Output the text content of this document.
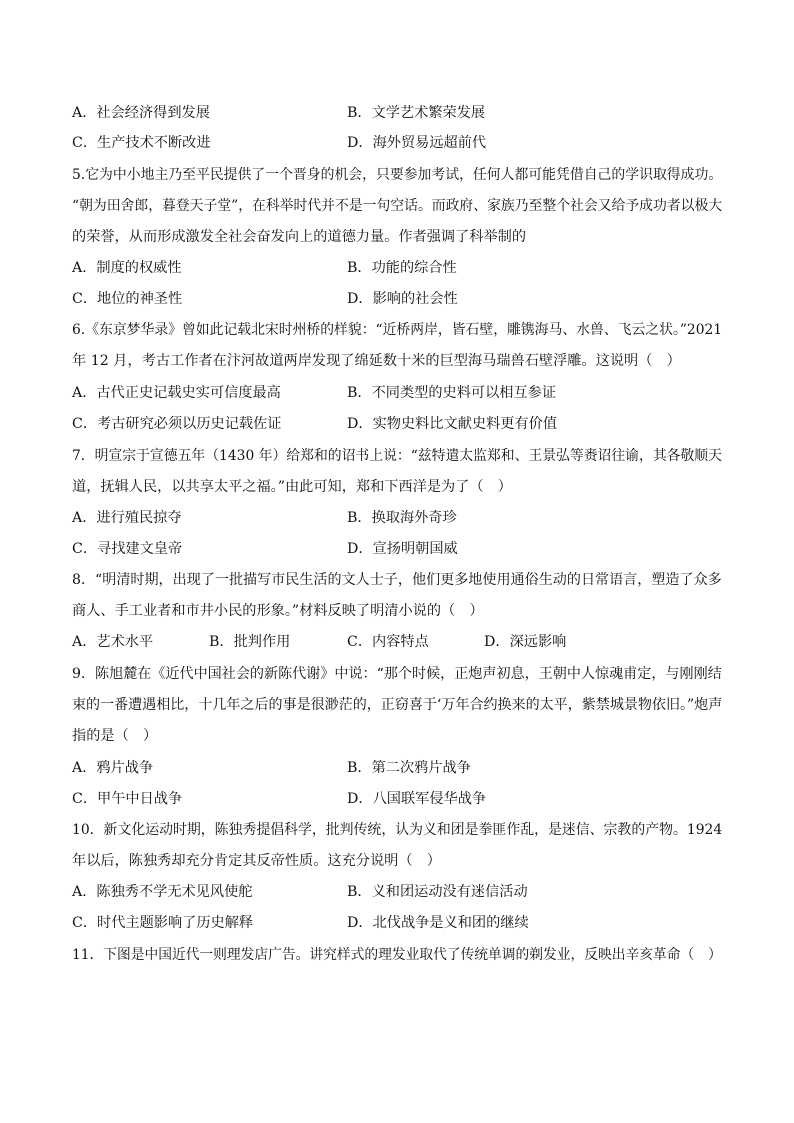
A．社会经济得到发展	B．文学艺术繁荣发展
C．生产技术不断改进	D．海外贸易远超前代
5.它为中小地主乃至平民提供了一个晋身的机会，只要参加考试，任何人都可能凭借自己的学识取得成功。
“朝为田舍郎，暮登天子堂”，在科举时代并不是一句空话。而政府、家族乃至整个社会又给予成功者以极大
的荣誉，从而形成激发全社会奋发向上的道德力量。作者强调了科举制的
A．制度的权威性	B．功能的综合性
C．地位的神圣性	D．影响的社会性
6.《东京梦华录》曾如此记载北宋时州桥的样貌：“近桥两岸，皆石壁，雕镌海马、水兽、飞云之状。”2021
年 12 月，考古工作者在汴河故道两岸发现了绵延数十米的巨型海马瑞兽石壁浮雕。这说明（　）
A．古代正史记载史实可信度最高	B．不同类型的史料可以相互参证
C．考古研究必须以历史记载佐证	D．实物史料比文献史料更有价值
7．明宣宗于宣德五年（1430 年）给郑和的诏书上说：“兹特遣太监郑和、王景弘等赉诏往谕，其各敬顺天
道，抚辑人民，以共享太平之福。”由此可知，郑和下西洋是为了（　）
A．进行殖民掠夺	B．换取海外奇珍
C．寻找建文皇帝	D．宣扬明朝国威
8．“明清时期，出现了一批描写市民生活的文人士子，他们更多地使用通俗生动的日常语言，塑造了众多
商人、手工业者和市井小民的形象。”材料反映了明清小说的（　）
A．艺术水平	B．批判作用	C．内容特点	D．深远影响
9．陈旭麓在《近代中国社会的新陈代谢》中说：“那个时候，正炮声初息，王朝中人惊魂甫定，与刚刚结
束的一番遭遇相比，十几年之后的事是很渺茫的，正窃喜于‘万年合约换来的太平，紫禁城景物依旧。”炮声
指的是（　）
A．鸦片战争	B．第二次鸦片战争
C．甲午中日战争	D．八国联军侵华战争
10．新文化运动时期，陈独秀提倡科学，批判传统，认为义和团是拳匪作乱，是迷信、宗教的产物。1924
年以后，陈独秀却充分肯定其反帝性质。这充分说明（　）
A．陈独秀不学无术见风使舵	B．义和团运动没有迷信活动
C．时代主题影响了历史解释	D．北伐战争是义和团的继续
11．下图是中国近代一则理发店广告。讲究样式的理发业取代了传统单调的剃发业，反映出辛亥革命（　）
